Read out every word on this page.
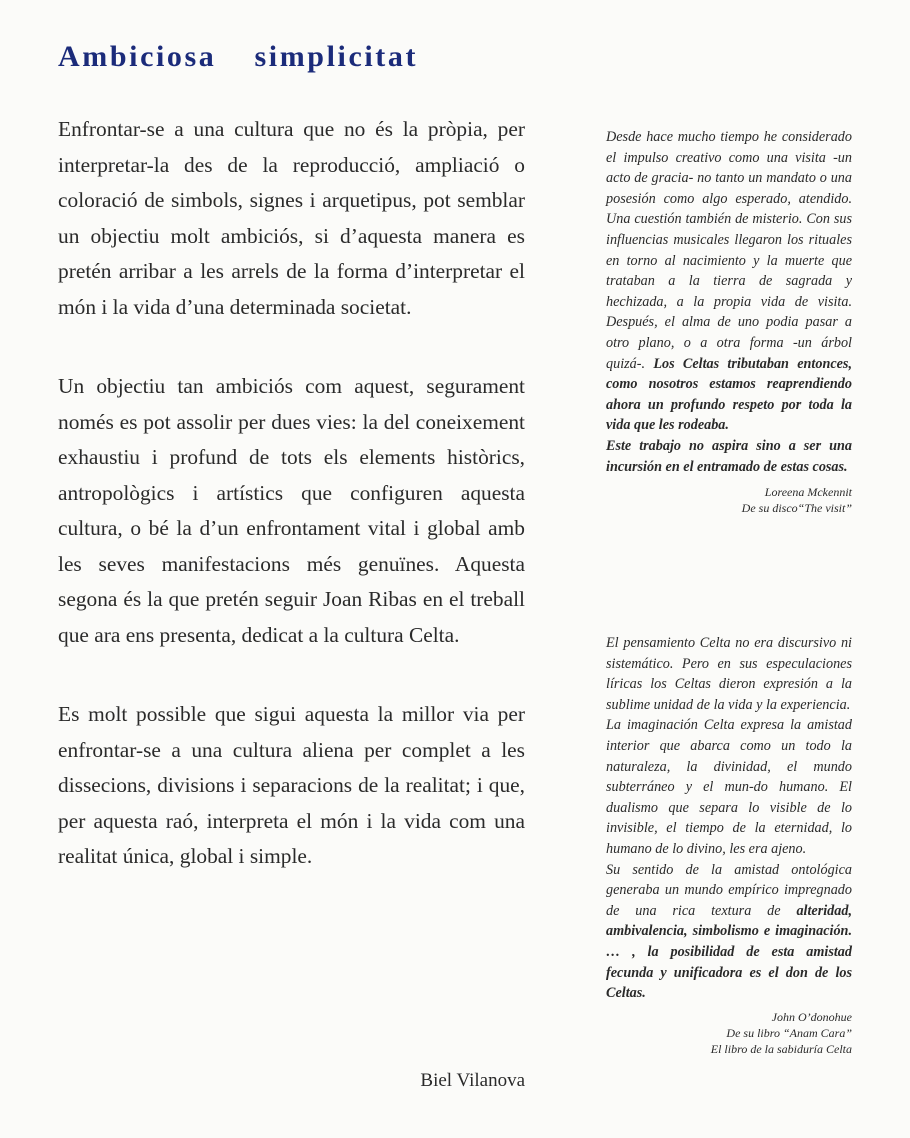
Ambiciosa simplicitat

Enfrontar-se a una cultura que no és la pròpia, per interpretar-la des de la reproducció, ampliació o coloració de simbols, signes i arquetipus, pot semblar un objectiu molt ambiciós, si d’aquesta manera es pretén arribar a les arrels de la forma d’interpretar el món i la vida d’una determinada societat.

Un objectiu tan ambiciós com aquest, segurament només es pot assolir per dues vies: la del coneixement exhaustiu i profund de tots els elements històrics, antropològics i artístics que configuren aquesta cultura, o bé la d’un enfrontament vital i global amb les seves manifestacions més genuïnes. Aquesta segona és la que pretén seguir Joan Ribas en el treball que ara ens presenta, dedicat a la cultura Celta.

Es molt possible que sigui aquesta la millor via per enfrontar-se a una cultura aliena per complet a les dissecions, divisions i separacions de la realitat; i que, per aquesta raó, interpreta el món i la vida com una realitat única, global i simple.

Biel Vilanova

Desde hace mucho tiempo he considerado el impulso creativo como una visita -un acto de gracia- no tanto un mandato o una posesión como algo esperado, atendido. Una cuestión también de misterio. Con sus influencias musicales llegaron los rituales en torno al nacimiento y la muerte que trataban a la tierra de sagrada y hechizada, a la propia vida de visita. Después, el alma de uno podia pasar a otro plano, o a otra forma -un árbol quizá-. Los Celtas tributaban entonces, como nosotros estamos reaprendiendo ahora un profundo respeto por toda la vida que les rodeaba.

Este trabajo no aspira sino a ser una incursión en el entramado de estas cosas.

Loreena Mckennit
De su disco“The visit”

El pensamiento Celta no era discursivo ni sistemático. Pero en sus especulaciones líricas los Celtas dieron expresión a la sublime unidad de la vida y la experiencia.

La imaginación Celta expresa la amistad interior que abarca como un todo la naturaleza, la divinidad, el mundo subterráneo y el mun-do humano. El dualismo que separa lo visible de lo invisible, el tiempo de la eternidad, lo humano de lo divino, les era ajeno.

Su sentido de la amistad ontológica generaba un mundo empírico impregnado de una rica textura de alteridad, ambivalencia, simbolismo e imaginación. … , la posibilidad de esta amistad fecunda y unificadora es el don de los Celtas.

John O’donohue
De su libro “Anam Cara”
El libro de la sabiduría Celta
